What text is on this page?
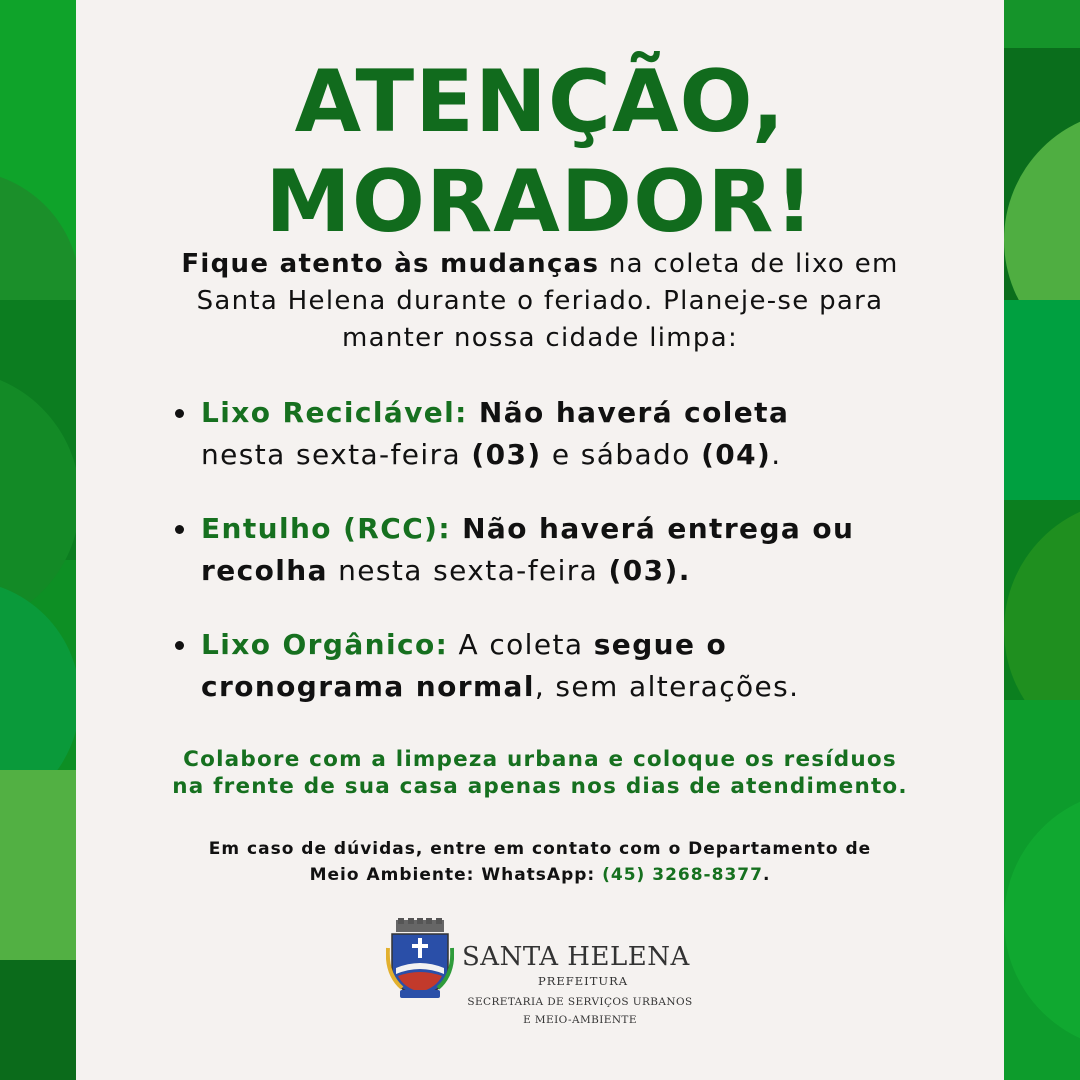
ATENÇÃO,
MORADOR!
Fique atento às mudanças na coleta de lixo em
Santa Helena durante o feriado. Planeje-se para
manter nossa cidade limpa:
Lixo Reciclável: Não haverá coleta
nesta sexta-feira (03) e sábado (04).
Entulho (RCC): Não haverá entrega ou
recolha nesta sexta-feira (03).
Lixo Orgânico: A coleta segue o
cronograma normal, sem alterações.
Colabore com a limpeza urbana e coloque os resíduos
na frente de sua casa apenas nos dias de atendimento.
Em caso de dúvidas, entre em contato com o Departamento de
Meio Ambiente: WhatsApp: (45) 3268-8377.
SANTA HELENA
PREFEITURA
SECRETARIA DE SERVIÇOS URBANOS
E MEIO-AMBIENTE
